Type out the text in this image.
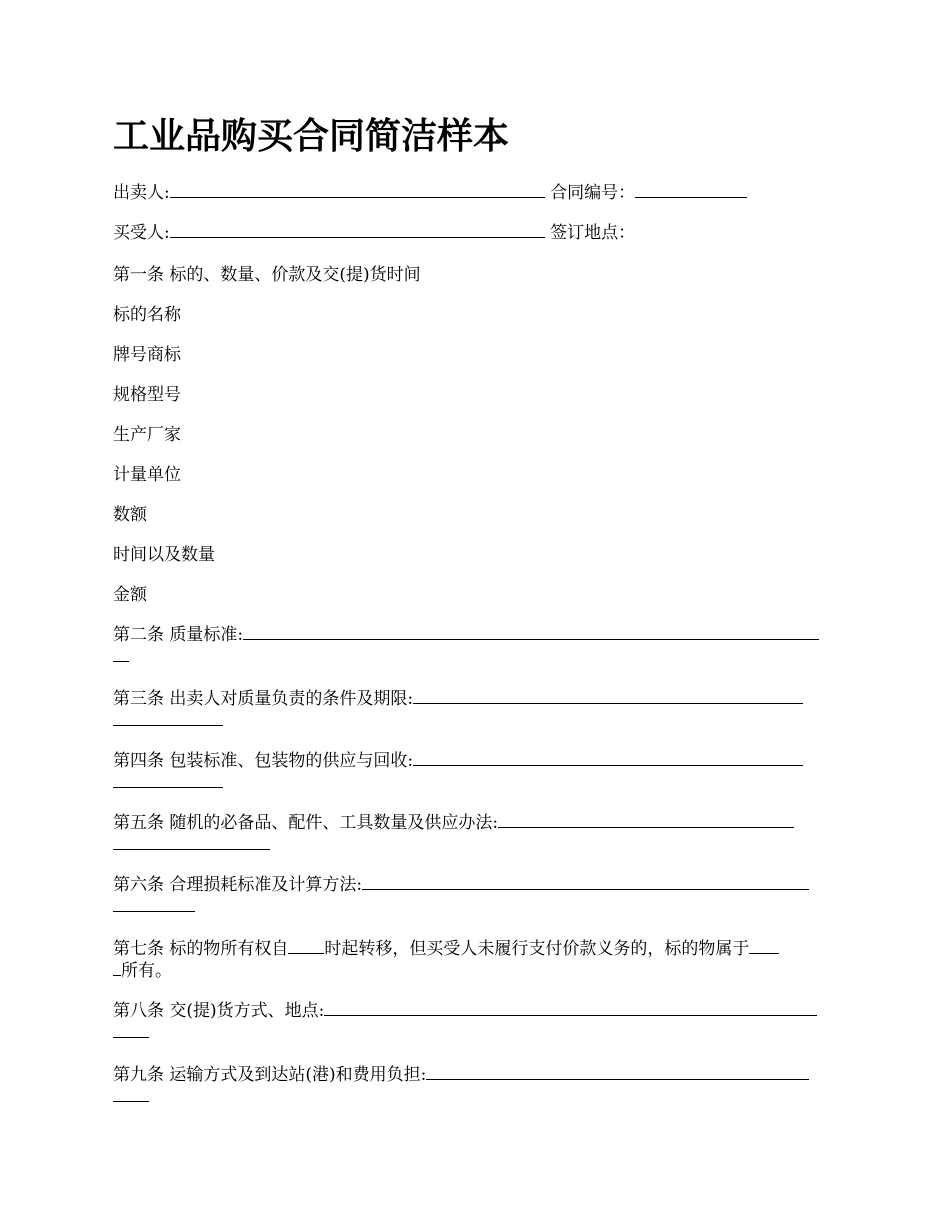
工业品购买合同简洁样本
出卖人:	合同编号：
买受人:	签订地点：
第一条 标的、数量、价款及交(提)货时间
标的名称
牌号商标
规格型号
生产厂家
计量单位
数额
时间以及数量
金额
第二条 质量标准:
第三条 出卖人对质量负责的条件及期限:
第四条 包装标准、包装物的供应与回收:
第五条 随机的必备品、配件、工具数量及供应办法:
第六条 合理损耗标准及计算方法:
第七条 标的物所有权自 时起转移，但买受人未履行支付价款义务的，标的物属于
所有。
第八条 交(提)货方式、地点:
第九条 运输方式及到达站(港)和费用负担:
